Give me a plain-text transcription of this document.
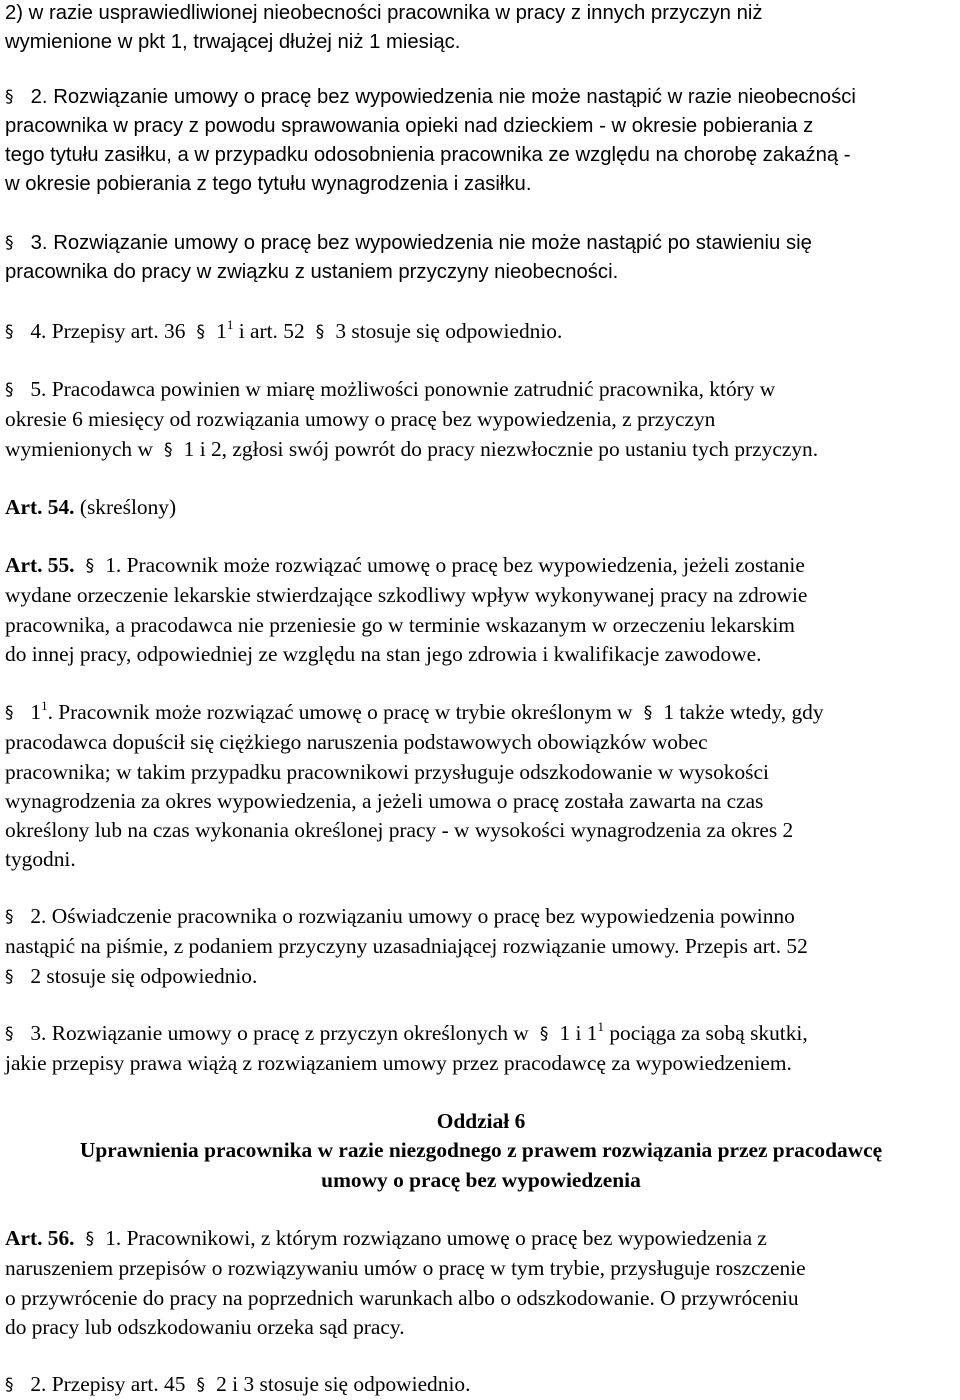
2) w razie usprawiedliwionej nieobecności pracownika w pracy z innych przyczyn niż
wymienione w pkt 1, trwającej dłużej niż 1 miesiąc.

§ 2. Rozwiązanie umowy o pracę bez wypowiedzenia nie może nastąpić w razie nieobecności
pracownika w pracy z powodu sprawowania opieki nad dzieckiem - w okresie pobierania z
tego tytułu zasiłku, a w przypadku odosobnienia pracownika ze względu na chorobę zakaźną -
w okresie pobierania z tego tytułu wynagrodzenia i zasiłku.

§ 3. Rozwiązanie umowy o pracę bez wypowiedzenia nie może nastąpić po stawieniu się
pracownika do pracy w związku z ustaniem przyczyny nieobecności.

§ 4. Przepisy art. 36 § $1^1$ i art. 52 § 3 stosuje się odpowiednio.

§ 5. Pracodawca powinien w miarę możliwości ponownie zatrudnić pracownika, który w
okresie 6 miesięcy od rozwiązania umowy o pracę bez wypowiedzenia, z przyczyn
wymienionych w § 1 i 2, zgłosi swój powrót do pracy niezwłocznie po ustaniu tych przyczyn.

Art. 54. (skreślony)

Art. 55. § 1. Pracownik może rozwiązać umowę o pracę bez wypowiedzenia, jeżeli zostanie
wydane orzeczenie lekarskie stwierdzające szkodliwy wpływ wykonywanej pracy na zdrowie
pracownika, a pracodawca nie przeniesie go w terminie wskazanym w orzeczeniu lekarskim
do innej pracy, odpowiedniej ze względu na stan jego zdrowia i kwalifikacje zawodowe.

§ $1^1$. Pracownik może rozwiązać umowę o pracę w trybie określonym w § 1 także wtedy, gdy
pracodawca dopuścił się ciężkiego naruszenia podstawowych obowiązków wobec
pracownika; w takim przypadku pracownikowi przysługuje odszkodowanie w wysokości
wynagrodzenia za okres wypowiedzenia, a jeżeli umowa o pracę została zawarta na czas
określony lub na czas wykonania określonej pracy - w wysokości wynagrodzenia za okres 2
tygodni.

§ 2. Oświadczenie pracownika o rozwiązaniu umowy o pracę bez wypowiedzenia powinno
nastąpić na piśmie, z podaniem przyczyny uzasadniającej rozwiązanie umowy. Przepis art. 52
§ 2 stosuje się odpowiednio.

§ 3. Rozwiązanie umowy o pracę z przyczyn określonych w § 1 i $1^1$ pociąga za sobą skutki,
jakie przepisy prawa wiążą z rozwiązaniem umowy przez pracodawcę za wypowiedzeniem.

Oddział 6
Uprawnienia pracownika w razie niezgodnego z prawem rozwiązania przez pracodawcę
umowy o pracę bez wypowiedzenia

Art. 56. § 1. Pracownikowi, z którym rozwiązano umowę o pracę bez wypowiedzenia z
naruszeniem przepisów o rozwiązywaniu umów o pracę w tym trybie, przysługuje roszczenie
o przywrócenie do pracy na poprzednich warunkach albo o odszkodowanie. O przywróceniu
do pracy lub odszkodowaniu orzeka sąd pracy.

§ 2. Przepisy art. 45 § 2 i 3 stosuje się odpowiednio.
